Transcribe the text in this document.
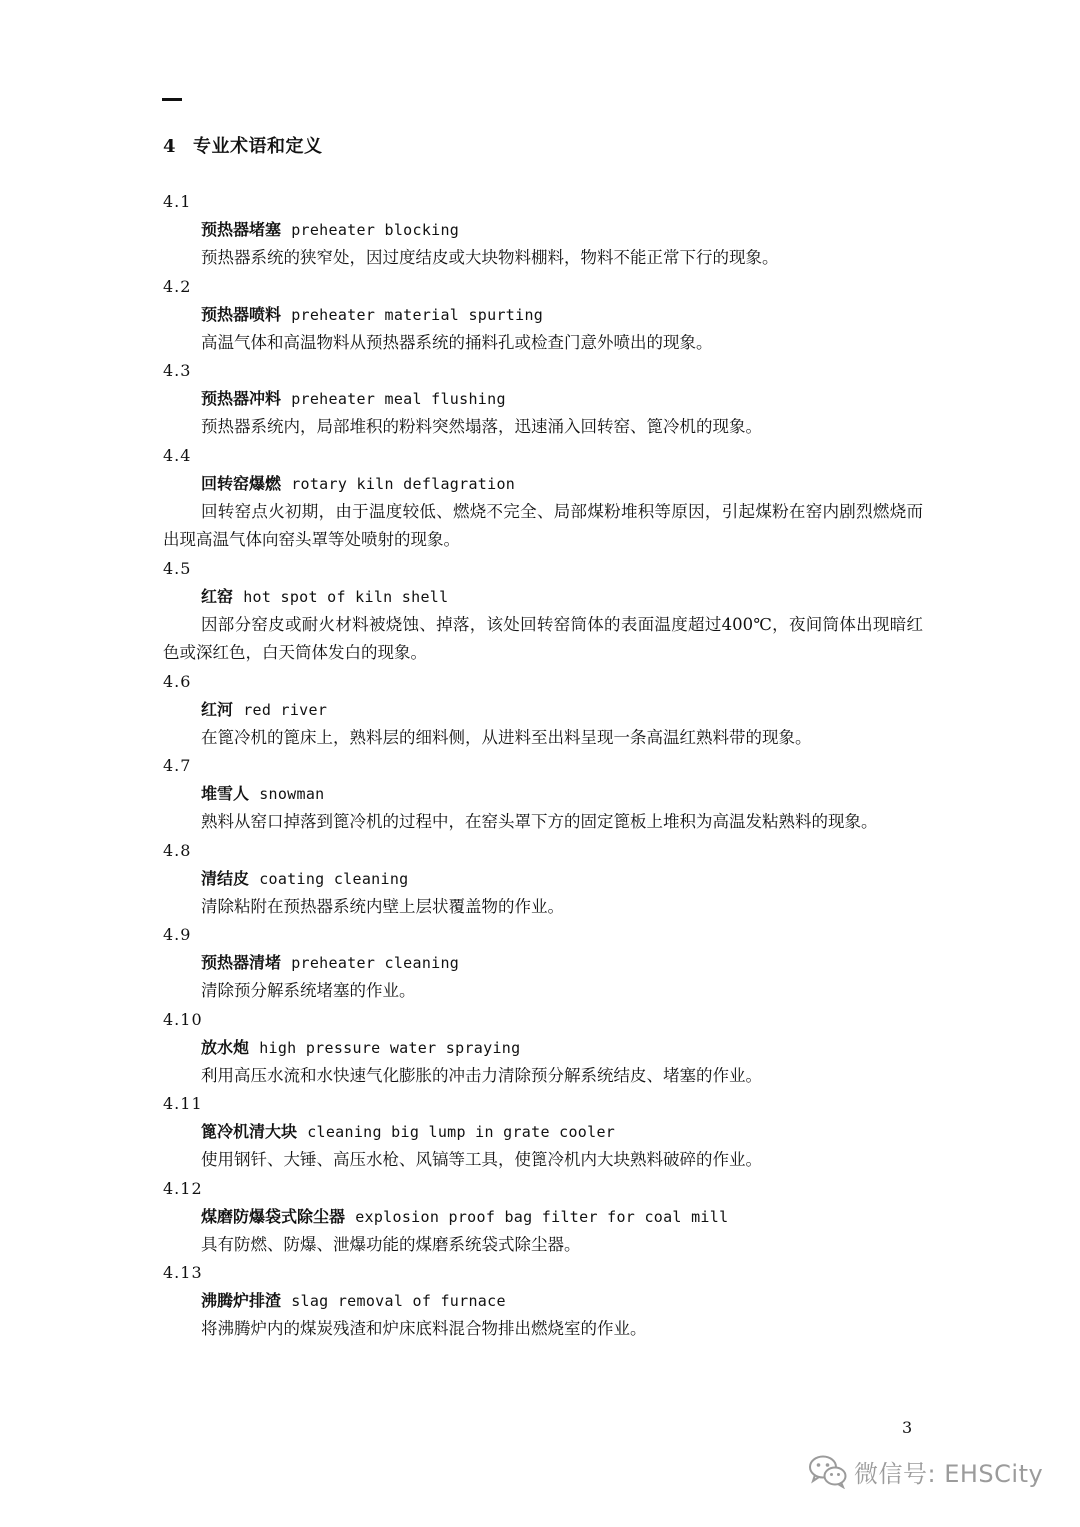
4 专业术语和定义
4.1
预热器堵塞 preheater blocking
预热器系统的狭窄处，因过度结皮或大块物料棚料，物料不能正常下行的现象。
4.2
预热器喷料 preheater material spurting
高温气体和高温物料从预热器系统的捅料孔或检查门意外喷出的现象。
4.3
预热器冲料 preheater meal flushing
预热器系统内，局部堆积的粉料突然塌落，迅速涌入回转窑、篦冷机的现象。
4.4
回转窑爆燃 rotary kiln deflagration
回转窑点火初期，由于温度较低、燃烧不完全、局部煤粉堆积等原因，引起煤粉在窑内剧烈燃烧而出现高温气体向窑头罩等处喷射的现象。
4.5
红窑 hot spot of kiln shell
因部分窑皮或耐火材料被烧蚀、掉落，该处回转窑筒体的表面温度超过400℃，夜间筒体出现暗红色或深红色，白天筒体发白的现象。
4.6
红河 red river
在篦冷机的篦床上，熟料层的细料侧，从进料至出料呈现一条高温红熟料带的现象。
4.7
堆雪人 snowman
熟料从窑口掉落到篦冷机的过程中，在窑头罩下方的固定篦板上堆积为高温发粘熟料的现象。
4.8
清结皮 coating cleaning
清除粘附在预热器系统内壁上层状覆盖物的作业。
4.9
预热器清堵 preheater cleaning
清除预分解系统堵塞的作业。
4.10
放水炮 high pressure water spraying
利用高压水流和水快速气化膨胀的冲击力清除预分解系统结皮、堵塞的作业。
4.11
篦冷机清大块 cleaning big lump in grate cooler
使用钢钎、大锤、高压水枪、风镐等工具，使篦冷机内大块熟料破碎的作业。
4.12
煤磨防爆袋式除尘器 explosion proof bag filter for coal mill
具有防燃、防爆、泄爆功能的煤磨系统袋式除尘器。
4.13
沸腾炉排渣 slag removal of furnace
将沸腾炉内的煤炭残渣和炉床底料混合物排出燃烧室的作业。
3
微信号: EHSCity
